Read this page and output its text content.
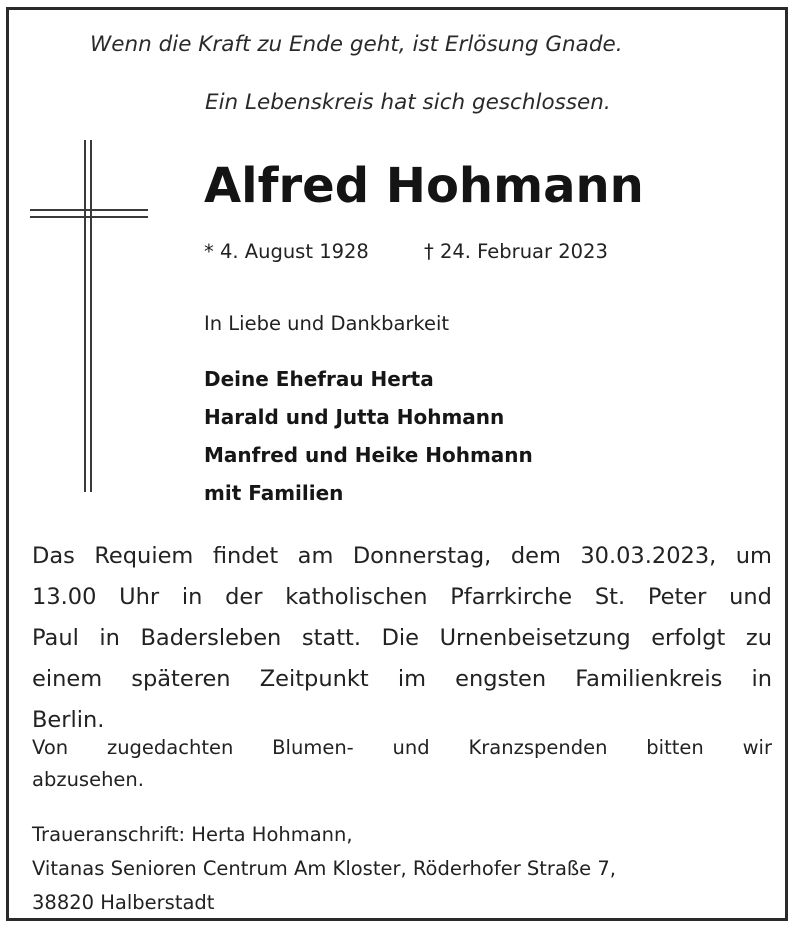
Wenn die Kraft zu Ende geht, ist Erlösung Gnade.
Ein Lebenskreis hat sich geschlossen.
Alfred Hohmann
* 4. August 1928	† 24. Februar 2023
In Liebe und Dankbarkeit
Deine Ehefrau Herta
Harald und Jutta Hohmann
Manfred und Heike Hohmann
mit Familien
Das Requiem findet am Donnerstag, dem 30.03.2023, um
13.00 Uhr in der katholischen Pfarrkirche St. Peter und
Paul in Badersleben statt. Die Urnenbeisetzung erfolgt zu
einem späteren Zeitpunkt im engsten Familienkreis in
Berlin.
Von zugedachten Blumen- und Kranzspenden bitten wir
abzusehen.
Traueranschrift: Herta Hohmann,
Vitanas Senioren Centrum Am Kloster, Röderhofer Straße 7,
38820 Halberstadt
